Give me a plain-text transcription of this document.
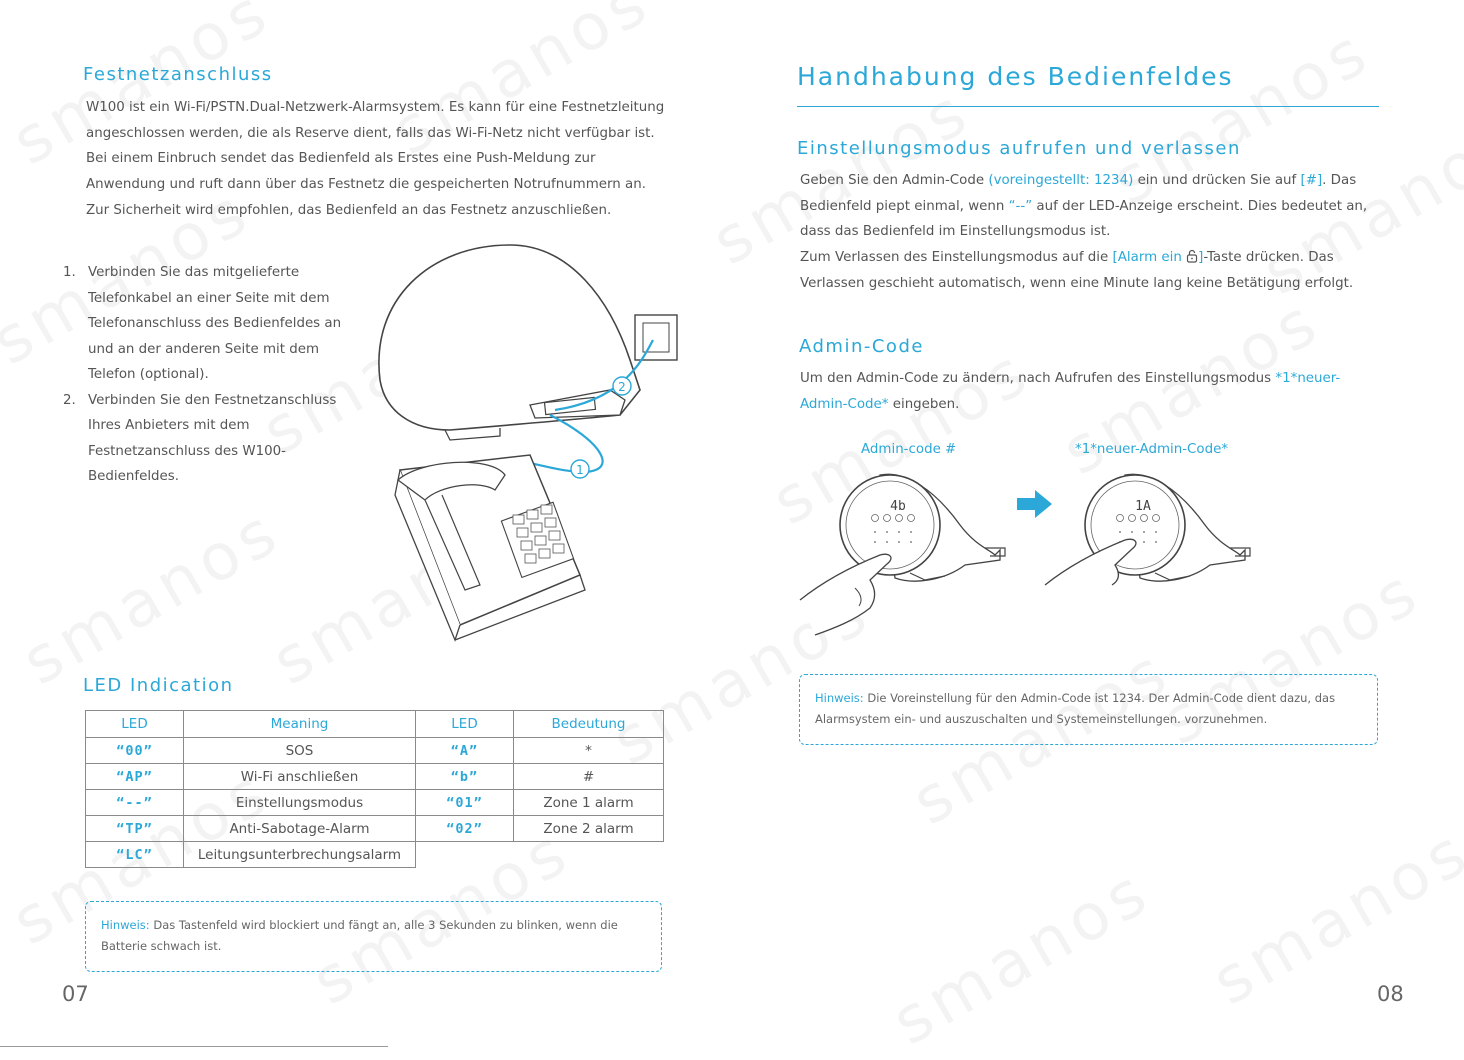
Festnetzanschluss
W100 ist ein Wi-Fi/PSTN.Dual-Netzwerk-Alarmsystem. Es kann für eine Festnetzleitung
angeschlossen werden, die als Reserve dient, falls das Wi-Fi-Netz nicht verfügbar ist.
Bei einem Einbruch sendet das Bedienfeld als Erstes eine Push-Meldung zur
Anwendung und ruft dann über das Festnetz die gespeicherten Notrufnummern an.
Zur Sicherheit wird empfohlen, das Bedienfeld an das Festnetz anzuschließen.
1. Verbinden Sie das mitgelieferte
Telefonkabel an einer Seite mit dem
Telefonanschluss des Bedienfeldes an
und an der anderen Seite mit dem
Telefon (optional).
2. Verbinden Sie den Festnetzanschluss
Ihres Anbieters mit dem
Festnetzanschluss des W100-
Bedienfeldes.
2
1
LED Indication
LED	Meaning	LED	Bedeutung
“00”	SOS	“A”	*
“AP”	Wi-Fi anschließen	“b”	#
“--”	Einstellungsmodus	“01”	Zone 1 alarm
“TP”	Anti-Sabotage-Alarm	“02”	Zone 2 alarm
“LC”	Leitungsunterbrechungsalarm		
Hinweis: Das Tastenfeld wird blockiert und fängt an, alle 3 Sekunden zu blinken, wenn die
Batterie schwach ist.
07
Handhabung des Bedienfeldes
Einstellungsmodus aufrufen und verlassen
Geben Sie den Admin-Code (voreingestellt: 1234) ein und drücken Sie auf [#]. Das
Bedienfeld piept einmal, wenn “--” auf der LED-Anzeige erscheint. Dies bedeutet an,
dass das Bedienfeld im Einstellungsmodus ist.
Zum Verlassen des Einstellungsmodus auf die [Alarm ein ]-Taste drücken. Das
Verlassen geschieht automatisch, wenn eine Minute lang keine Betätigung erfolgt.
Admin-Code
Um den Admin-Code zu ändern, nach Aufrufen des Einstellungsmodus *1*neuer-
Admin-Code* eingeben.
Admin-code #	*1*neuer-Admin-Code*
4b	1A
Hinweis: Die Voreinstellung für den Admin-Code ist 1234. Der Admin-Code dient dazu, das
Alarmsystem ein- und auszuschalten und Systemeinstellungen. vorzunehmen.
08
